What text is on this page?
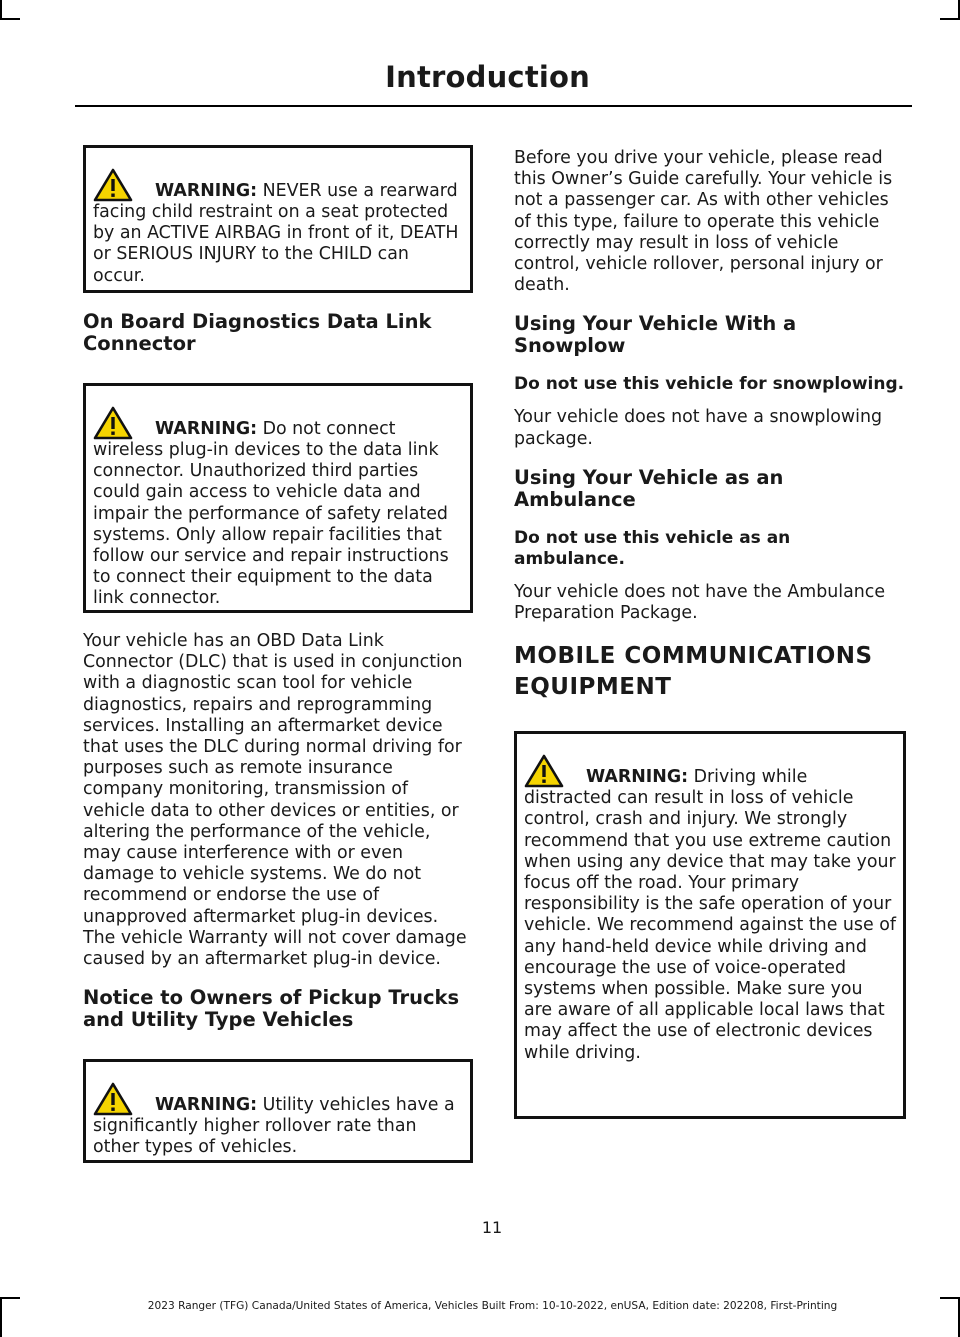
Introduction
WARNING: NEVER use a rearward
facing child restraint on a seat protected by an ACTIVE AIRBAG in front of it, DEATH or SERIOUS INJURY to the CHILD can occur.
On Board Diagnostics Data Link Connector
WARNING: Do not connect
wireless plug-in devices to the data link connector. Unauthorized third parties could gain access to vehicle data and impair the performance of safety related systems. Only allow repair facilities that follow our service and repair instructions to connect their equipment to the data link connector.

Your vehicle has an OBD Data Link Connector (DLC) that is used in conjunction with a diagnostic scan tool for vehicle diagnostics, repairs and reprogramming services. Installing an aftermarket device that uses the DLC during normal driving for purposes such as remote insurance company monitoring, transmission of vehicle data to other devices or entities, or altering the performance of the vehicle, may cause interference with or even damage to vehicle systems. We do not recommend or endorse the use of unapproved aftermarket plug-in devices. The vehicle Warranty will not cover damage caused by an aftermarket plug-in device.

Notice to Owners of Pickup Trucks and Utility Type Vehicles
WARNING: Utility vehicles have a
significantly higher rollover rate than other types of vehicles.

Before you drive your vehicle, please read this Owner’s Guide carefully. Your vehicle is not a passenger car. As with other vehicles of this type, failure to operate this vehicle correctly may result in loss of vehicle control, vehicle rollover, personal injury or death.

Using Your Vehicle With a Snowplow
Do not use this vehicle for snowplowing.

Your vehicle does not have a snowplowing package.

Using Your Vehicle as an Ambulance
Do not use this vehicle as an ambulance.

Your vehicle does not have the Ambulance Preparation Package.

MOBILE COMMUNICATIONS
EQUIPMENT
WARNING: Driving while
distracted can result in loss of vehicle control, crash and injury. We strongly recommend that you use extreme caution when using any device that may take your focus off the road. Your primary responsibility is the safe operation of your vehicle. We recommend against the use of any hand-held device while driving and encourage the use of voice-operated systems when possible. Make sure you are aware of all applicable local laws that may affect the use of electronic devices while driving.
11
2023 Ranger (TFG) Canada/United States of America, Vehicles Built From: 10-10-2022, enUSA, Edition date: 202208, First-Printing
